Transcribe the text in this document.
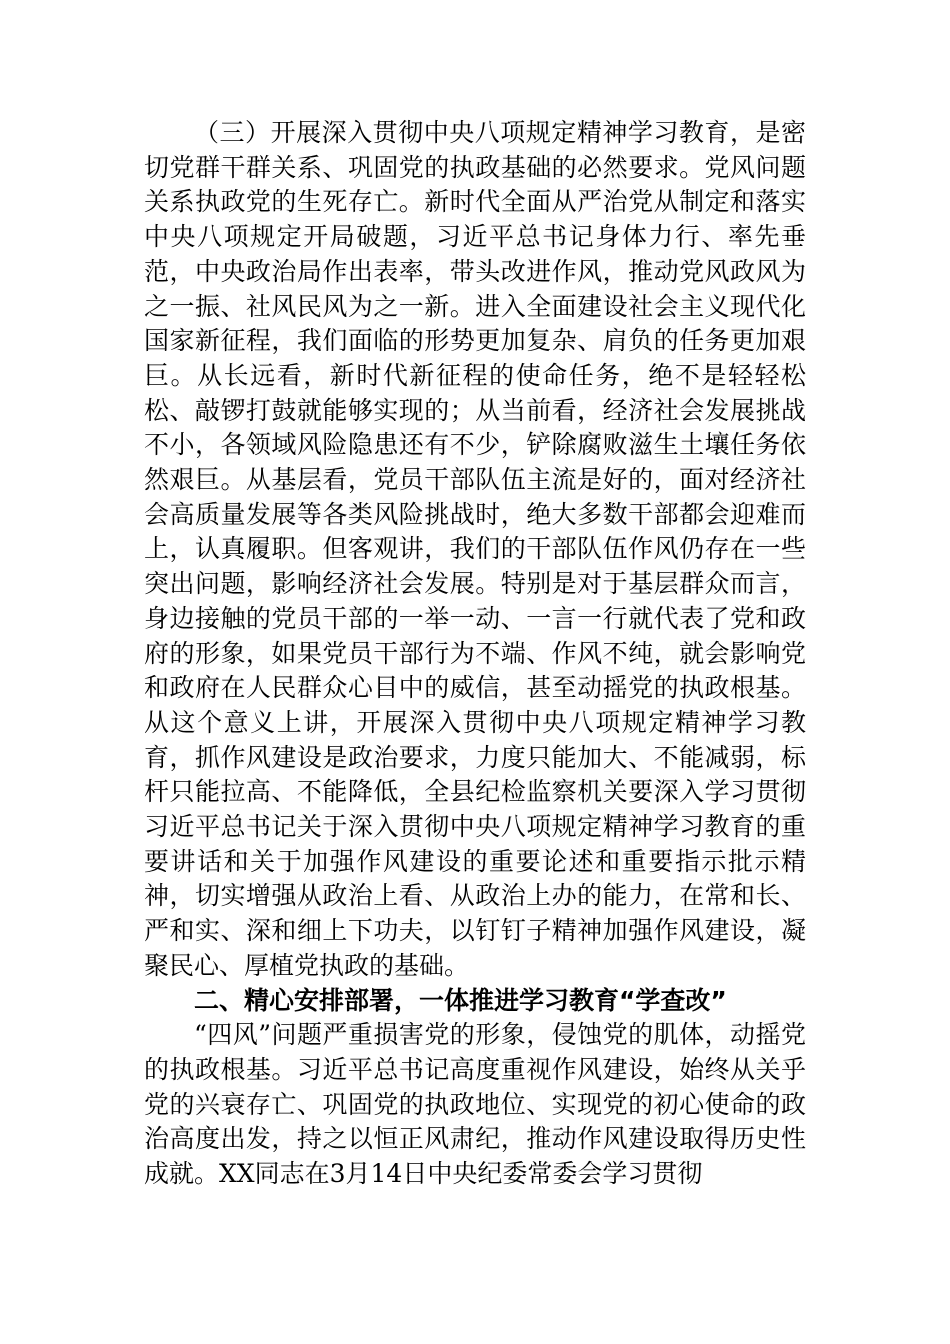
（三）开展深入贯彻中央八项规定精神学习教育，是密切党群干群关系、巩固党的执政基础的必然要求。党风问题关系执政党的生死存亡。新时代全面从严治党从制定和落实中央八项规定开局破题，习近平总书记身体力行、率先垂范，中央政治局作出表率，带头改进作风，推动党风政风为之一振、社风民风为之一新。进入全面建设社会主义现代化国家新征程，我们面临的形势更加复杂、肩负的任务更加艰巨。从长远看，新时代新征程的使命任务，绝不是轻轻松松、敲锣打鼓就能够实现的；从当前看，经济社会发展挑战不小，各领域风险隐患还有不少，铲除腐败滋生土壤任务依然艰巨。从基层看，党员干部队伍主流是好的，面对经济社会高质量发展等各类风险挑战时，绝大多数干部都会迎难而上，认真履职。但客观讲，我们的干部队伍作风仍存在一些突出问题，影响经济社会发展。特别是对于基层群众而言，身边接触的党员干部的一举一动、一言一行就代表了党和政府的形象，如果党员干部行为不端、作风不纯，就会影响党和政府在人民群众心目中的威信，甚至动摇党的执政根基。从这个意义上讲，开展深入贯彻中央八项规定精神学习教育，抓作风建设是政治要求，力度只能加大、不能减弱，标杆只能拉高、不能降低，全县纪检监察机关要深入学习贯彻习近平总书记关于深入贯彻中央八项规定精神学习教育的重要讲话和关于加强作风建设的重要论述和重要指示批示精神，切实增强从政治上看、从政治上办的能力，在常和长、严和实、深和细上下功夫，以钉钉子精神加强作风建设，凝聚民心、厚植党执政的基础。

二、精心安排部署，一体推进学习教育“学查改”

“四风”问题严重损害党的形象，侵蚀党的肌体，动摇党的执政根基。习近平总书记高度重视作风建设，始终从关乎党的兴衰存亡、巩固党的执政地位、实现党的初心使命的政治高度出发，持之以恒正风肃纪，推动作风建设取得历史性成就。XX同志在3月14日中央纪委常委会学习贯彻
